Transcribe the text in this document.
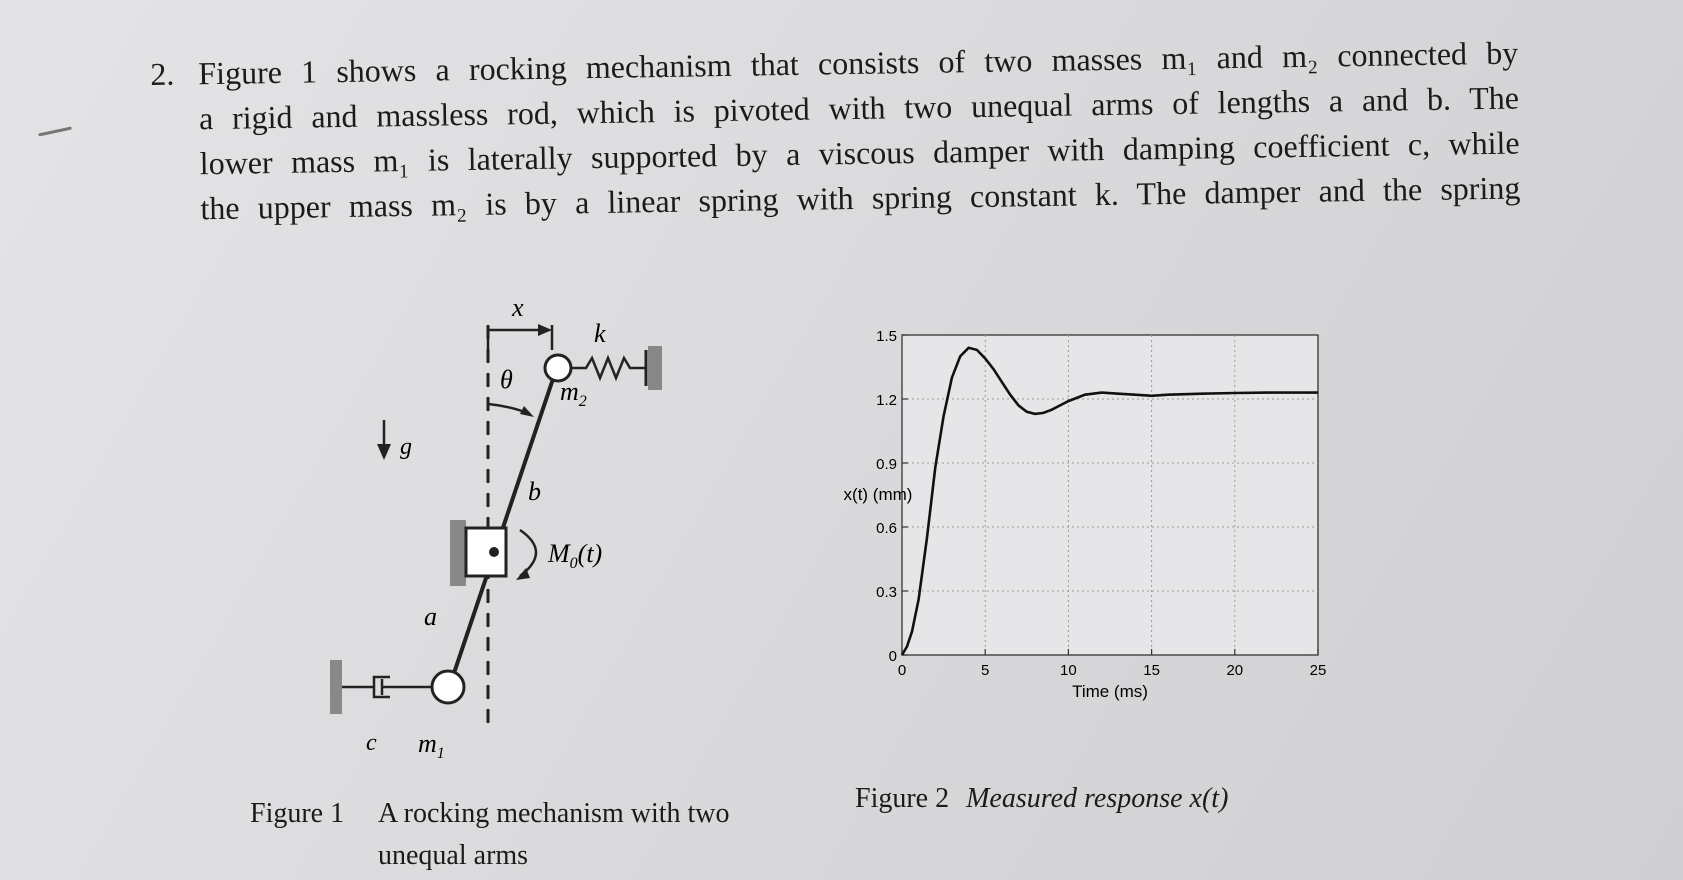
2. Figure 1 shows a rocking mechanism that consists of two masses m₁ and m₂ connected by
a rigid and massless rod, which is pivoted with two unequal arms of lengths a and b. The
lower mass m₁ is laterally supported by a viscous damper with damping coefficient c, while
the upper mass m₂ is by a linear spring with spring constant k. The damper and the spring
x
k
θ $m_2$
g
b
$M_0(t)$
a
c $m_1$
Figure 1 A rocking mechanism with two
unequal arms
0
0.3
0.6
0.9
1.2
1.5
0	5	10	15	20	25
x(t) (mm)
Time (ms)
Figure 2 Measured response x(t)
